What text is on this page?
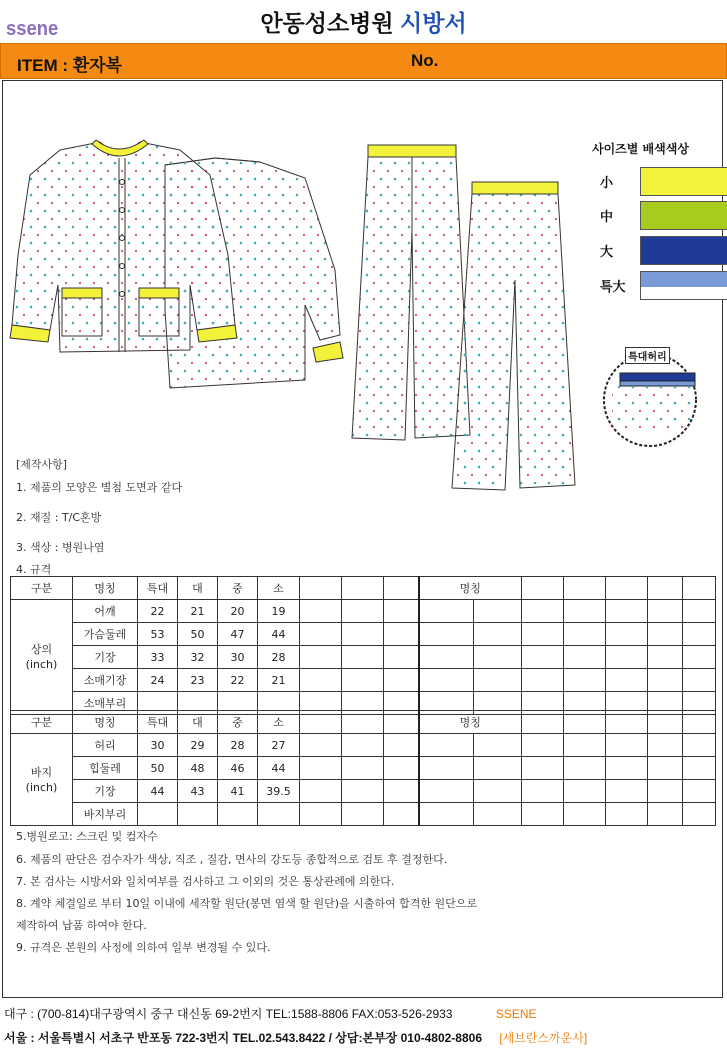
ssene	안동성소병원 시방서
ITEM : 환자복	No.
특대허리
사이즈별 배색색상
小
中
大
특大
[제작사항]
1. 제품의 모양은 별첨 도면과 같다
2. 재질 : T/C혼방
3. 색상 : 병원나염
4. 규격
구분	명칭	특대	대	중	소				명칭						
상의
(inch)	어깨	22	21	20	19										
	가슴둘레	53	50	47	44										
	기장	33	32	30	28										
	소매기장	24	23	22	21										
	소매부리														
구분	명칭	특대	대	중	소				명칭						
바지
(inch)	허리	30	29	28	27										
	힙둘레	50	48	46	44										
	기장	44	43	41	39.5										
	바지부리														
5.병원로고: 스크린 및 컴자수
6. 제품의 판단은 검수자가 색상, 직조 , 질감, 면사의 강도등 종합적으로 검토 후 결정한다.
7. 본 검사는 시방서와 일치여부를 검사하고 그 이외의 것은 통상관례에 의한다.
8. 계약 체결일로 부터 10일 이내에 세작할 원단(봉면 염색 할 원단)을 시출하여 합격한 원단으로
제작하여 납품 하여야 한다.
9. 규격은 본원의 사정에 의하여 일부 변경될 수 있다.
대구 : (700-814)대구광역시 중구 대신동 69-2번지 TEL:1588-8806 FAX:053-526-2933	SSENE
서울 : 서울특별시 서초구 반포동 722-3번지 TEL.02.543.8422 / 상담:본부장 010-4802-8806 [세브란스까운사]
